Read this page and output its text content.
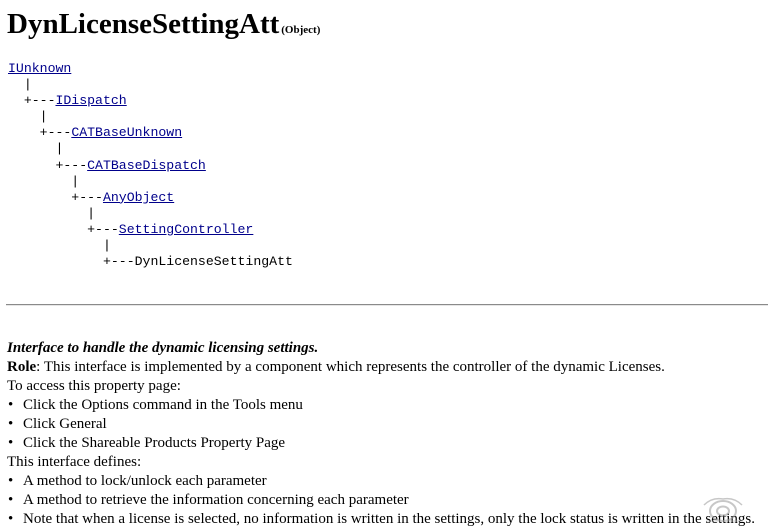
DynLicenseSettingAtt (Object)
IUnknown
|
+---IDispatch
|
+---CATBaseUnknown
|
+---CATBaseDispatch
|
+---AnyObject
|
+---SettingController
|
+---DynLicenseSettingAtt

Interface to handle the dynamic licensing settings.

Role: This interface is implemented by a component which represents the controller of the dynamic Licenses.

To access this property page:

• Click the Options command in the Tools menu
• Click General
• Click the Shareable Products Property Page

This interface defines:

• A method to lock/unlock each parameter
• A method to retrieve the information concerning each parameter
• Note that when a license is selected, no information is written in the settings, only the lock status is written in the settings.
